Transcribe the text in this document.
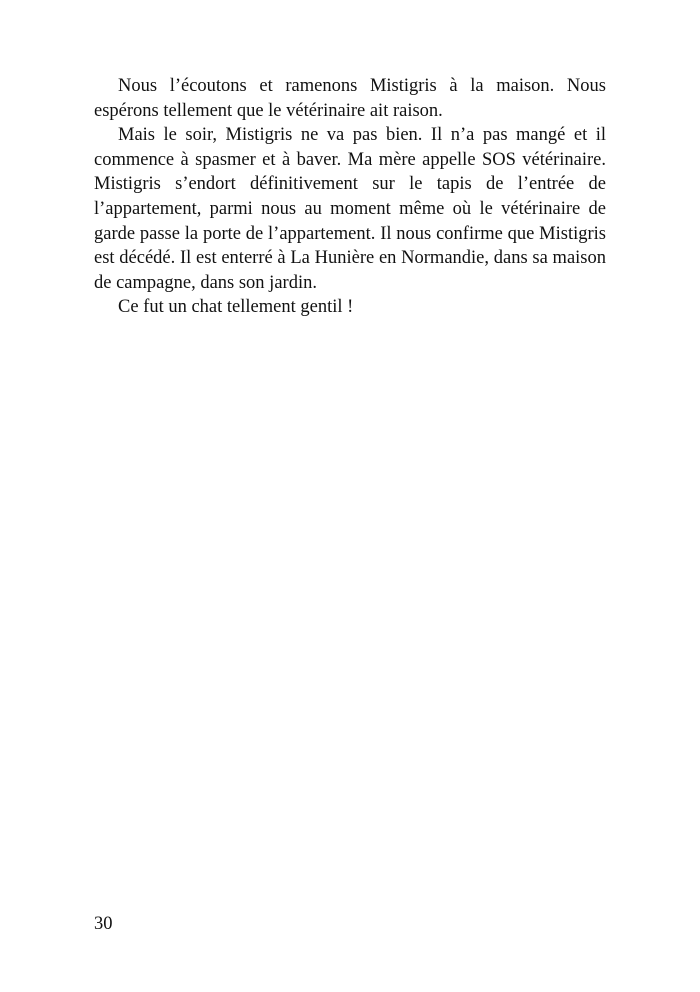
Nous l’écoutons et ramenons Mistigris à la maison. Nous espérons tellement que le vétérinaire ait raison.

Mais le soir, Mistigris ne va pas bien. Il n’a pas mangé et il commence à spasmer et à baver. Ma mère appelle SOS vétérinaire. Mistigris s’endort définitivement sur le tapis de l’entrée de l’appartement, parmi nous au moment même où le vétérinaire de garde passe la porte de l’appartement. Il nous confirme que Mistigris est décédé. Il est enterré à La Hunière en Normandie, dans sa maison de campagne, dans son jardin.

Ce fut un chat tellement gentil !

30
